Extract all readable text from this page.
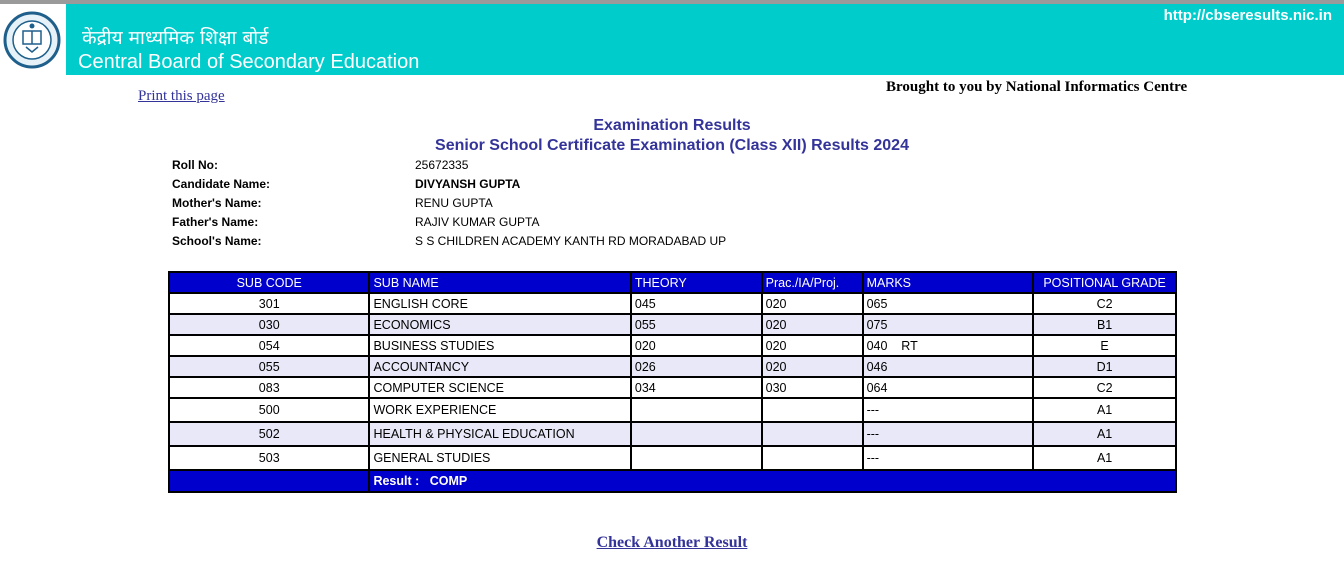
केंद्रीय माध्यमिक शिक्षा बोर्ड
Central Board of Secondary Education
http://cbseresults.nic.in
Print this page
Brought to you by National Informatics Centre
Examination Results
Senior School Certificate Examination (Class XII) Results 2024
Roll No:	25672335
Candidate Name:	DIVYANSH GUPTA
Mother's Name:	RENU GUPTA
Father's Name:	RAJIV KUMAR GUPTA
School's Name:	S S CHILDREN ACADEMY KANTH RD MORADABAD UP
SUB CODE	SUB NAME	THEORY	Prac./IA/Proj.	MARKS	POSITIONAL GRADE
301	ENGLISH CORE	045	020	065	C2
030	ECONOMICS	055	020	075	B1
054	BUSINESS STUDIES	020	020	040    RT	E
055	ACCOUNTANCY	026	020	046	D1
083	COMPUTER SCIENCE	034	030	064	C2
500	WORK EXPERIENCE			---	A1
502	HEALTH & PHYSICAL EDUCATION			---	A1
503	GENERAL STUDIES			---	A1
	Result :   COMP				
Check Another Result
